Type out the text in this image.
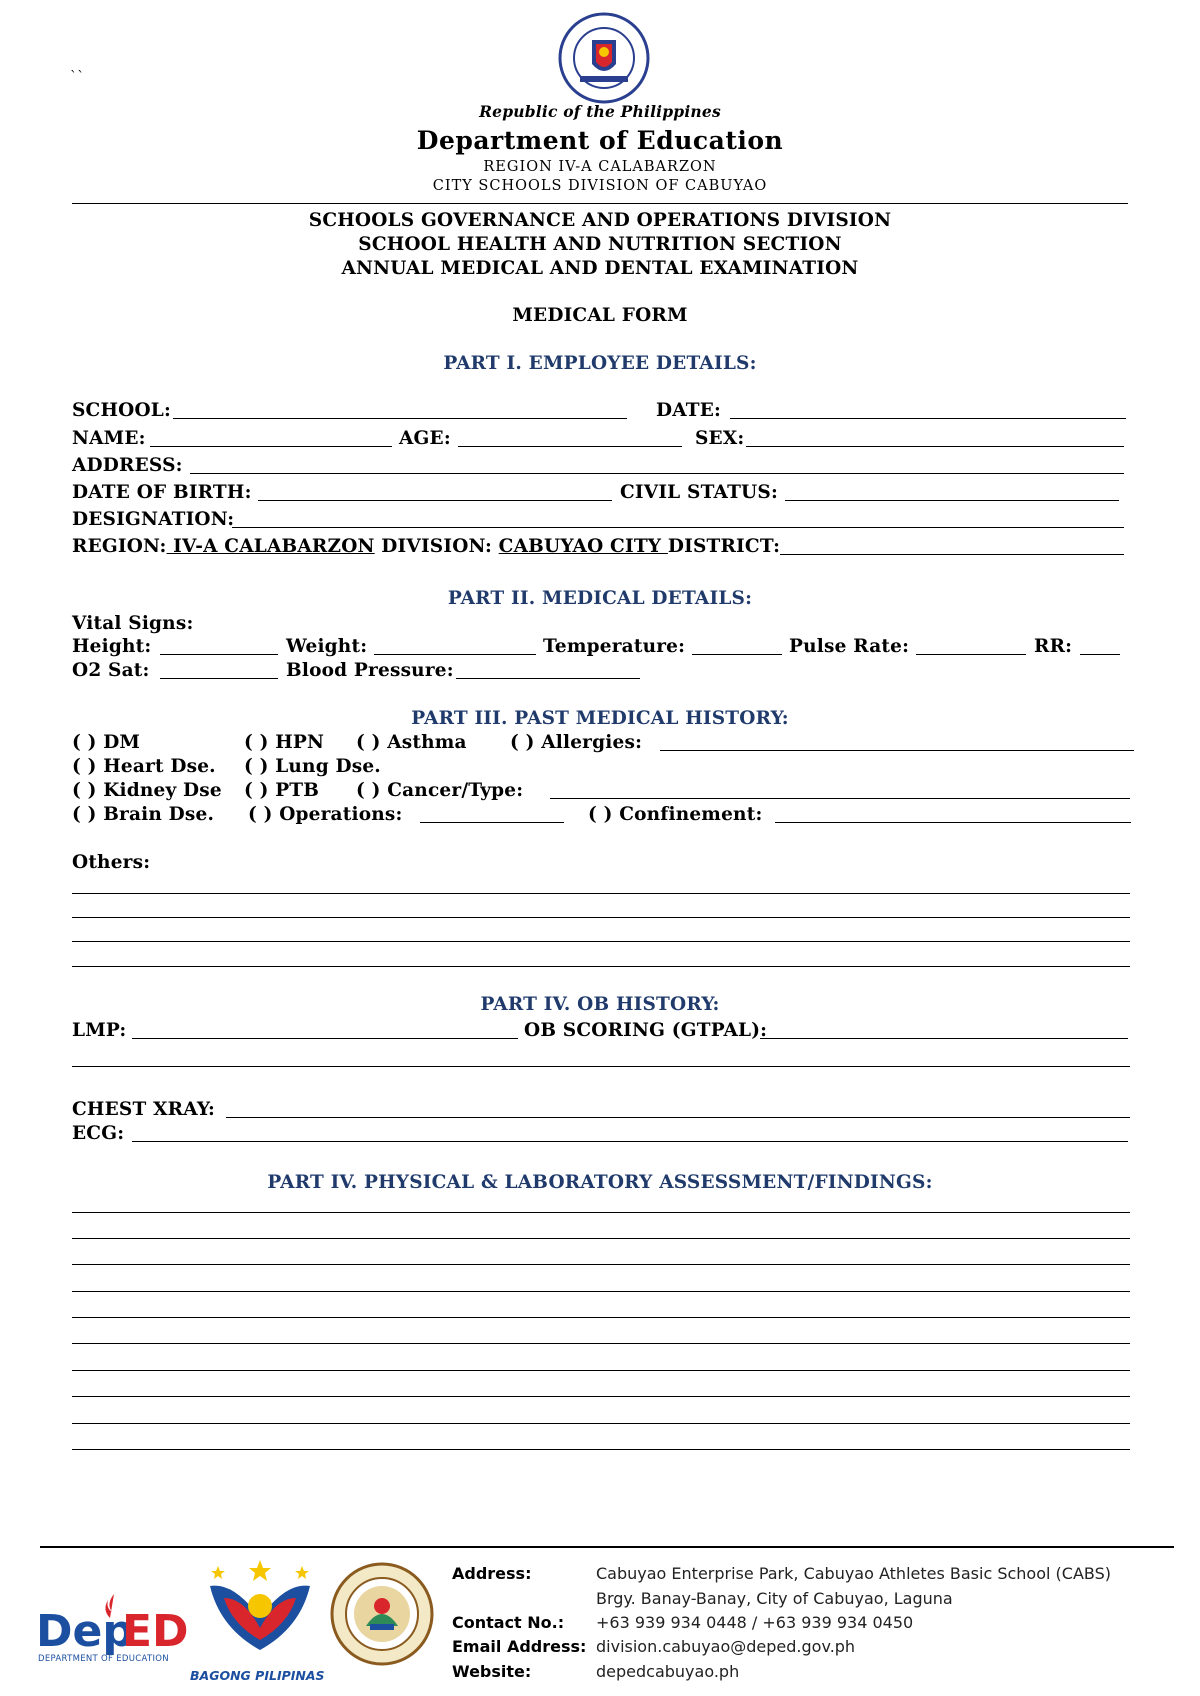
``
Republic of the Philippines
Department of Education
REGION IV-A CALABARZON
CITY SCHOOLS DIVISION OF CABUYAO
SCHOOLS GOVERNANCE AND OPERATIONS DIVISION
SCHOOL HEALTH AND NUTRITION SECTION
ANNUAL MEDICAL AND DENTAL EXAMINATION
MEDICAL FORM
PART I. EMPLOYEE DETAILS:
SCHOOL:	DATE:
NAME:	AGE:	SEX:
ADDRESS:
DATE OF BIRTH:	CIVIL STATUS:
DESIGNATION:
REGION: IV-A CALABARZON DIVISION: CABUYAO CITY DISTRICT:
PART II. MEDICAL DETAILS:
Vital Signs:
Height:	Weight:	Temperature:	Pulse Rate:	RR:
O2 Sat:	Blood Pressure:
PART III. PAST MEDICAL HISTORY:
( ) DM	( ) HPN ( ) Asthma ( ) Allergies:
( ) Heart Dse. ( ) Lung Dse.
( ) Kidney Dse ( ) PTB ( ) Cancer/Type:
( ) Brain Dse. ( ) Operations:	( ) Confinement:
Others:
PART IV. OB HISTORY:
LMP:	OB SCORING (GTPAL):
CHEST XRAY:
ECG:
PART IV. PHYSICAL & LABORATORY ASSESSMENT/FINDINGS:
Dep
ED
DEPARTMENT OF EDUCATION
BAGONG PILIPINAS
Address:	Cabuyao Enterprise Park, Cabuyao Athletes Basic School (CABS)
Brgy. Banay-Banay, City of Cabuyao, Laguna
Contact No.: +63 939 934 0448 / +63 939 934 0450
Email Address: division.cabuyao@deped.gov.ph
Website:	depedcabuyao.ph
